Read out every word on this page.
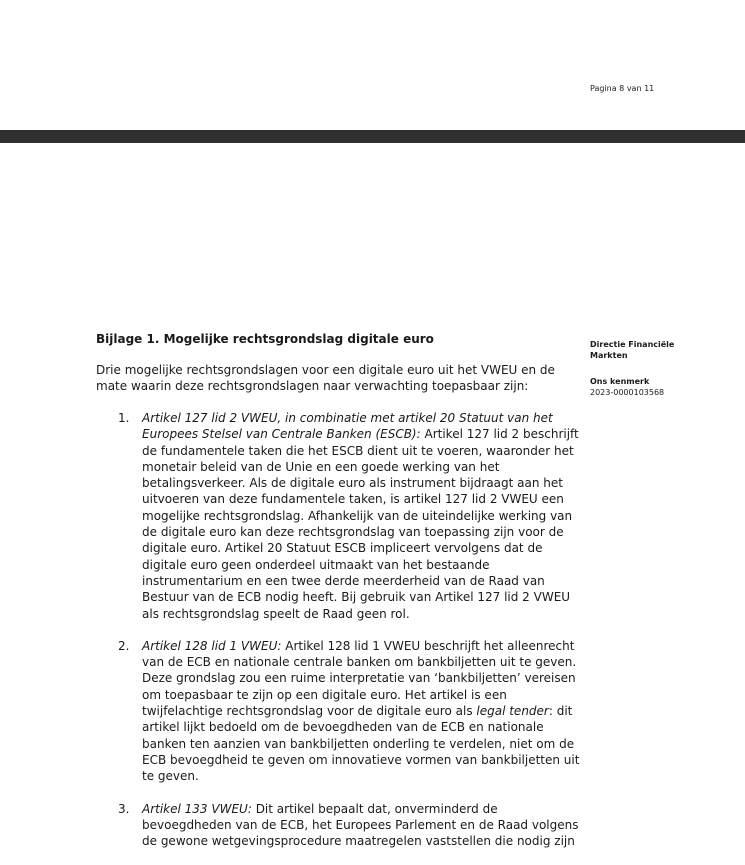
Pagina 8 van 11
Directie Financiële Markten
Ons kenmerk
2023-0000103568
Bijlage 1. Mogelijke rechtsgrondslag digitale euro

Drie mogelijke rechtsgrondslagen voor een digitale euro uit het VWEU en de mate waarin deze rechtsgrondslagen naar verwachting toepasbaar zijn:

1. Artikel 127 lid 2 VWEU, in combinatie met artikel 20 Statuut van het Europees Stelsel van Centrale Banken (ESCB): Artikel 127 lid 2 beschrijft de fundamentele taken die het ESCB dient uit te voeren, waaronder het monetair beleid van de Unie en een goede werking van het betalingsverkeer. Als de digitale euro als instrument bijdraagt aan het uitvoeren van deze fundamentele taken, is artikel 127 lid 2 VWEU een mogelijke rechtsgrondslag. Afhankelijk van de uiteindelijke werking van de digitale euro kan deze rechtsgrondslag van toepassing zijn voor de digitale euro. Artikel 20 Statuut ESCB impliceert vervolgens dat de digitale euro geen onderdeel uitmaakt van het bestaande instrumentarium en een twee derde meerderheid van de Raad van Bestuur van de ECB nodig heeft. Bij gebruik van Artikel 127 lid 2 VWEU als rechtsgrondslag speelt de Raad geen rol.
2. Artikel 128 lid 1 VWEU: Artikel 128 lid 1 VWEU beschrijft het alleenrecht van de ECB en nationale centrale banken om bankbiljetten uit te geven. Deze grondslag zou een ruime interpretatie van ‘bankbiljetten’ vereisen om toepasbaar te zijn op een digitale euro. Het artikel is een twijfelachtige rechtsgrondslag voor de digitale euro als legal tender: dit artikel lijkt bedoeld om de bevoegdheden van de ECB en nationale banken ten aanzien van bankbiljetten onderling te verdelen, niet om de ECB bevoegdheid te geven om innovatieve vormen van bankbiljetten uit te geven.
3. Artikel 133 VWEU: Dit artikel bepaalt dat, onverminderd de bevoegdheden van de ECB, het Europees Parlement en de Raad volgens de gewone wetgevingsprocedure maatregelen vaststellen die nodig zijn
